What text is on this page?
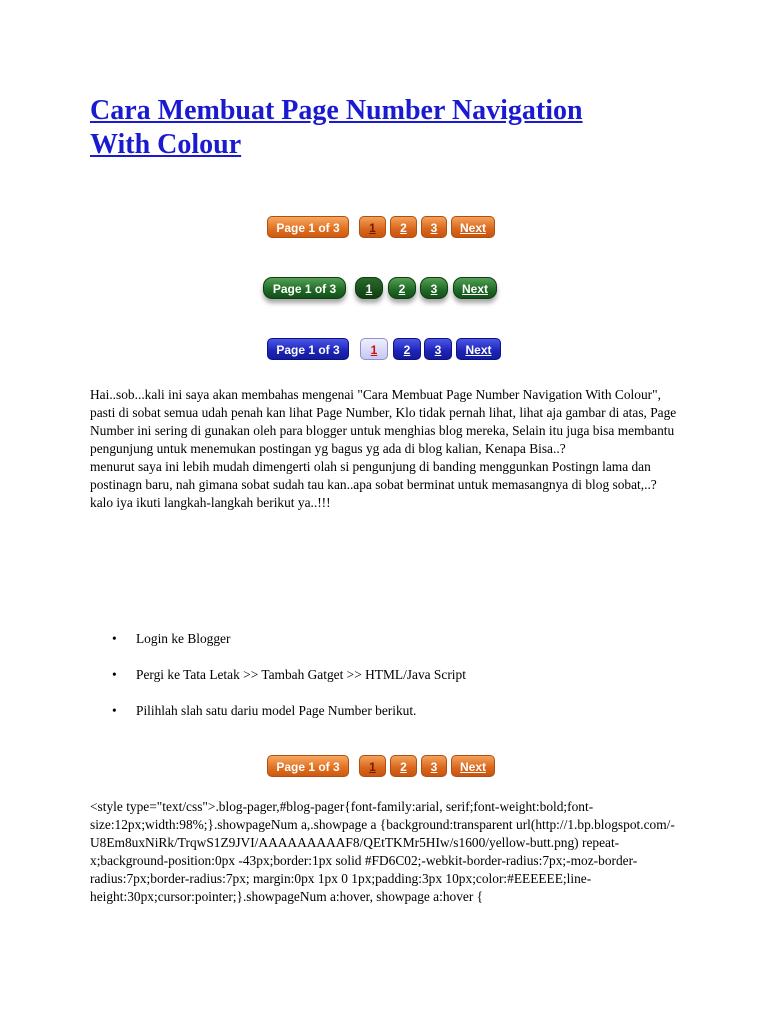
Cara Membuat Page Number Navigation
With Colour
Page 1 of 3	1	2	3	Next
Page 1 of 3	1	2	3	Next
Page 1 of 3	1	2	3	Next

Hai..sob...kali ini saya akan membahas mengenai "Cara Membuat Page Number Navigation With Colour", pasti di sobat semua udah penah kan lihat Page Number, Klo tidak pernah lihat, lihat aja gambar di atas, Page Number ini sering di gunakan oleh para blogger untuk menghias blog mereka, Selain itu juga bisa membantu pengunjung untuk menemukan postingan yg bagus yg ada di blog kalian, Kenapa Bisa..?

menurut saya ini lebih mudah dimengerti olah si pengunjung di banding menggunkan Postingn lama dan postinagn baru, nah gimana sobat sudah tau kan..apa sobat berminat untuk memasangnya di blog sobat,..?

kalo iya ikuti langkah-langkah berikut ya..!!!

• Login ke Blogger
• Pergi ke Tata Letak >> Tambah Gatget >> HTML/Java Script
• Pilihlah slah satu dariu model Page Number berikut.
Page 1 of 3	1	2	3	Next

<style type="text/css">.blog-pager,#blog-pager{font-family:arial, serif;font-weight:bold;font-size:12px;width:98%;}.showpageNum a,.showpage a {background:transparent url(http://1.bp.blogspot.com/-U8Em8uxNiRk/TrqwS1Z9JVI/AAAAAAAAAF8/QEtTKMr5HIw/s1600/yellow-butt.png) repeat-x;background-position:0px -43px;border:1px solid #FD6C02;-webkit-border-radius:7px;-moz-border-radius:7px;border-radius:7px; margin:0px 1px 0 1px;padding:3px 10px;color:#EEEEEE;line-height:30px;cursor:pointer;}.showpageNum a:hover, showpage a:hover {
